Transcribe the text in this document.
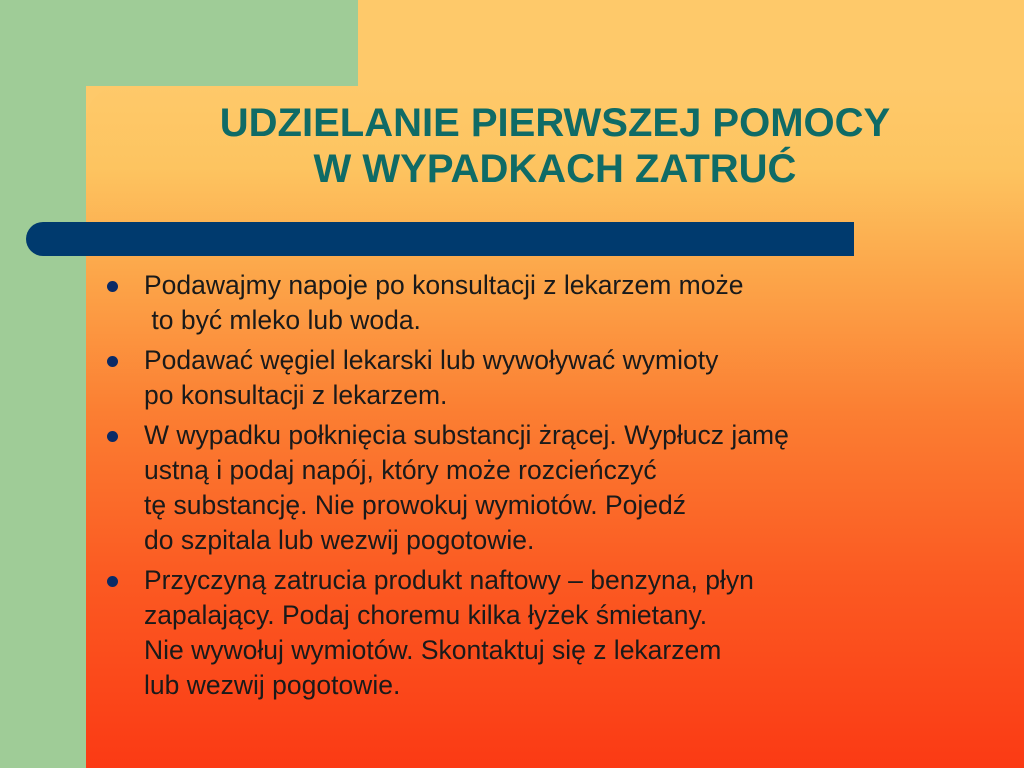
UDZIELANIE PIERWSZEJ POMOCY
W WYPADKACH ZATRUĆ
Podawajmy napoje po konsultacji z lekarzem może
to być mleko lub woda.
Podawać węgiel lekarski lub wywoływać wymioty
po konsultacji z lekarzem.
W wypadku połknięcia substancji żrącej. Wypłucz jamę
ustną i podaj napój, który może rozcieńczyć
tę substancję. Nie prowokuj wymiotów. Pojedź
do szpitala lub wezwij pogotowie.
Przyczyną zatrucia produkt naftowy – benzyna, płyn
zapalający. Podaj choremu kilka łyżek śmietany.
Nie wywołuj wymiotów. Skontaktuj się z lekarzem
lub wezwij pogotowie.
